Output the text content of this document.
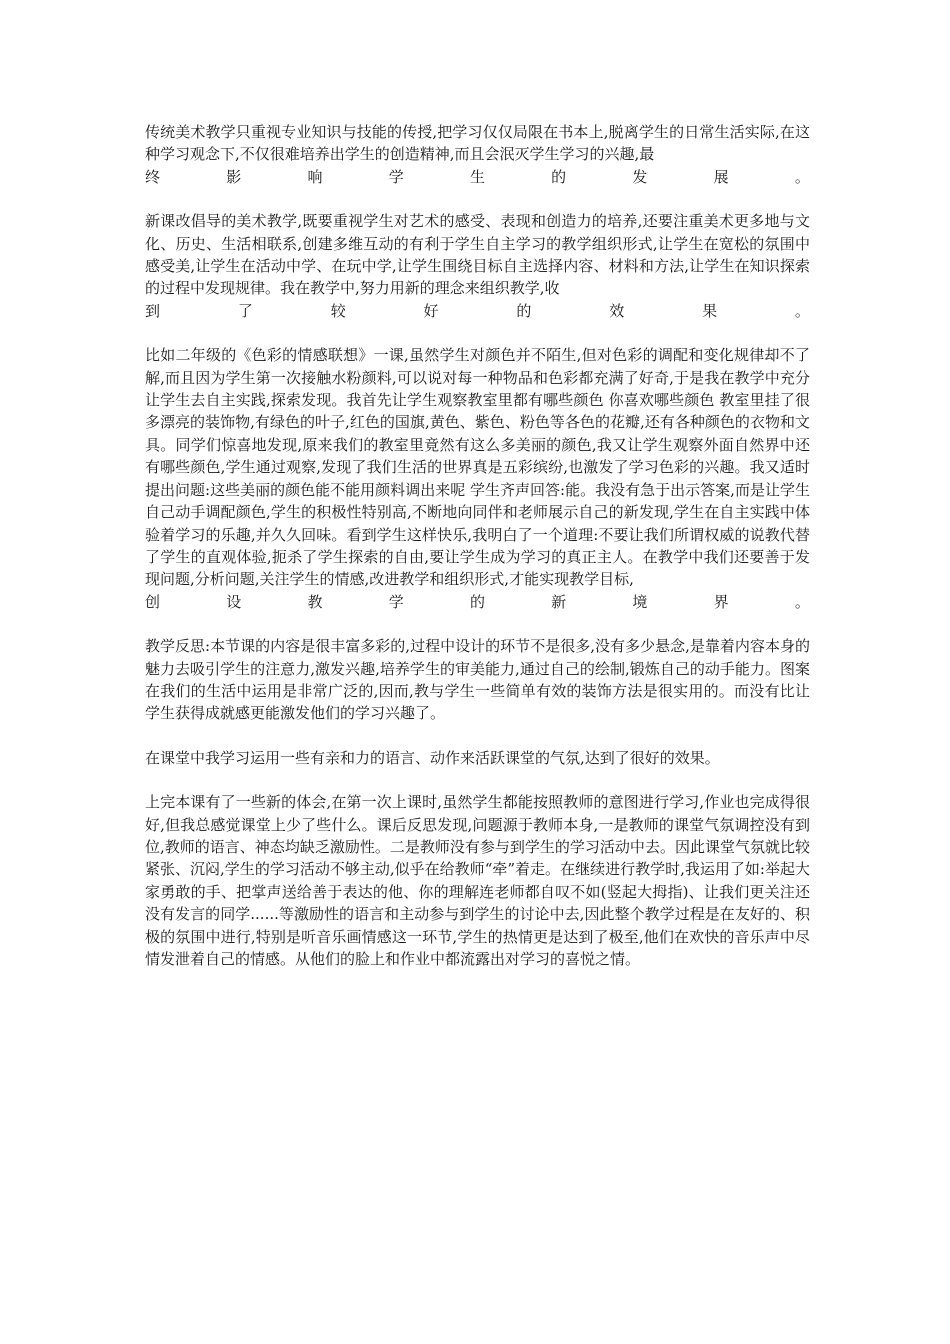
传统美术教学只重视专业知识与技能的传授,把学习仅仅局限在书本上,脱离学生的日常生活实际,在这种学习观念下,不仅很难培养出学生的创造精神,而且会泯灭学生学习的兴趣,最
终	影	响	学	生	的	发	展	。
新课改倡导的美术教学,既要重视学生对艺术的感受、表现和创造力的培养,还要注重美术更多地与文化、历史、生活相联系,创建多维互动的有利于学生自主学习的教学组织形式,让学生在宽松的氛围中感受美,让学生在活动中学、在玩中学,让学生围绕目标自主选择内容、材料和方法,让学生在知识探索的过程中发现规律。我在教学中,努力用新的理念来组织教学,收
到	了	较	好	的	效	果	。
比如二年级的《色彩的情感联想》一课,虽然学生对颜色并不陌生,但对色彩的调配和变化规律却不了解,而且因为学生第一次接触水粉颜料,可以说对每一种物品和色彩都充满了好奇,于是我在教学中充分让学生去自主实践,探索发现。我首先让学生观察教室里都有哪些颜色 你喜欢哪些颜色 教室里挂了很多漂亮的装饰物,有绿色的叶子,红色的国旗,黄色、紫色、粉色等各色的花瓣,还有各种颜色的衣物和文具。同学们惊喜地发现,原来我们的教室里竟然有这么多美丽的颜色,我又让学生观察外面自然界中还有哪些颜色,学生通过观察,发现了我们生活的世界真是五彩缤纷,也激发了学习色彩的兴趣。我又适时提出问题:这些美丽的颜色能不能用颜料调出来呢 学生齐声回答:能。我没有急于出示答案,而是让学生自己动手调配颜色,学生的积极性特别高,不断地向同伴和老师展示自己的新发现,学生在自主实践中体验着学习的乐趣,并久久回味。看到学生这样快乐,我明白了一个道理:不要让我们所谓权威的说教代替了学生的直观体验,扼杀了学生探索的自由,要让学生成为学习的真正主人。在教学中我们还要善于发现问题,分析问题,关注学生的情感,改进教学和组织形式,才能实现教学目标,
创	设	教	学	的	新	境	界	。
教学反思:本节课的内容是很丰富多彩的,过程中设计的环节不是很多,没有多少悬念,是靠着内容本身的魅力去吸引学生的注意力,激发兴趣,培养学生的审美能力,通过自己的绘制,锻炼自己的动手能力。图案在我们的生活中运用是非常广泛的,因而,教与学生一些简单有效的装饰方法是很实用的。而没有比让学生获得成就感更能激发他们的学习兴趣了。
在课堂中我学习运用一些有亲和力的语言、动作来活跃课堂的气氛,达到了很好的效果。
上完本课有了一些新的体会,在第一次上课时,虽然学生都能按照教师的意图进行学习,作业也完成得很好,但我总感觉课堂上少了些什么。课后反思发现,问题源于教师本身,一是教师的课堂气氛调控没有到位,教师的语言、神态均缺乏激励性。二是教师没有参与到学生的学习活动中去。因此课堂气氛就比较紧张、沉闷,学生的学习活动不够主动,似乎在给教师“牵”着走。在继续进行教学时,我运用了如:举起大家勇敢的手、把掌声送给善于表达的他、你的理解连老师都自叹不如(竖起大拇指)、让我们更关注还没有发言的同学......等激励性的语言和主动参与到学生的讨论中去,因此整个教学过程是在友好的、积极的氛围中进行,特别是听音乐画情感这一环节,学生的热情更是达到了极至,他们在欢快的音乐声中尽情发泄着自己的情感。从他们的脸上和作业中都流露出对学习的喜悦之情。
